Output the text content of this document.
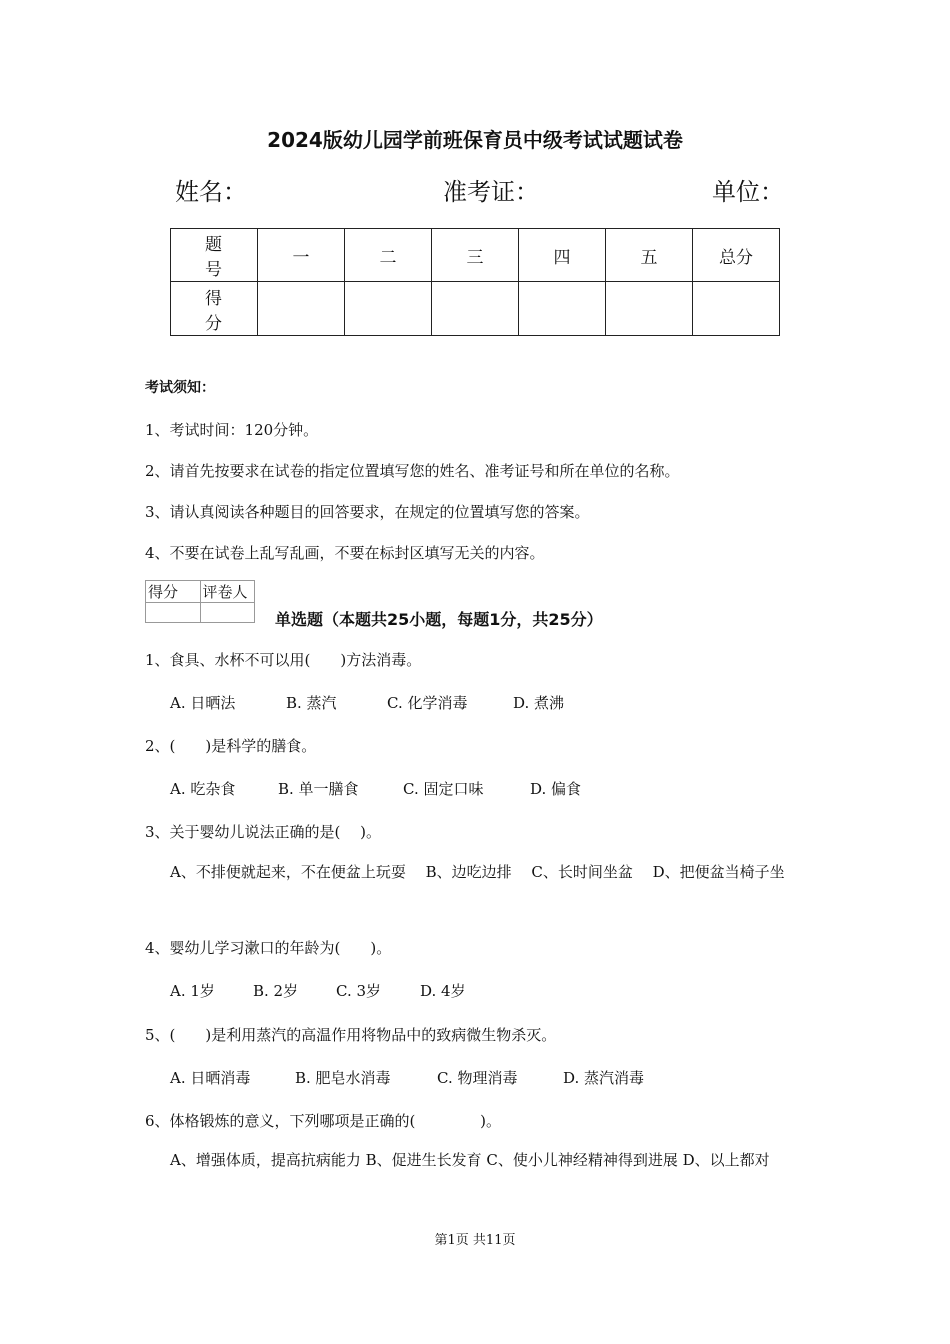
2024版幼儿园学前班保育员中级考试试题试卷
姓名：	准考证：	单位：
题 号	一	二	三	四	五	总分
得 分						
考试须知：
1、考试时间：120分钟。
2、请首先按要求在试卷的指定位置填写您的姓名、准考证号和所在单位的名称。
3、请认真阅读各种题目的回答要求，在规定的位置填写您的答案。
4、不要在试卷上乱写乱画，不要在标封区填写无关的内容。
得分	评卷人

单选题（本题共25小题，每题1分，共25分）
1、食具、水杯不可以用(　　)方法消毒。
A. 日晒法	B. 蒸汽	C. 化学消毒	D. 煮沸
2、(　　)是科学的膳食。
A. 吃杂食	B. 单一膳食	C. 固定口味	D. 偏食
3、关于婴幼儿说法正确的是(　 )。
A、不排便就起来，不在便盆上玩耍　 B、边吃边排　 C、长时间坐盆　 D、把便盆当椅子坐
4、婴幼儿学习漱口的年龄为(　　)。
A. 1岁	B. 2岁	C. 3岁	D. 4岁
5、(　　)是利用蒸汽的高温作用将物品中的致病微生物杀灭。
A. 日晒消毒	B. 肥皂水消毒	C. 物理消毒	D. 蒸汽消毒
6、体格锻炼的意义，下列哪项是正确的(　　　　 )。
A、增强体质，提高抗病能力 B、促进生长发育 C、使小儿神经精神得到进展 D、以上都对
第1页 共11页
